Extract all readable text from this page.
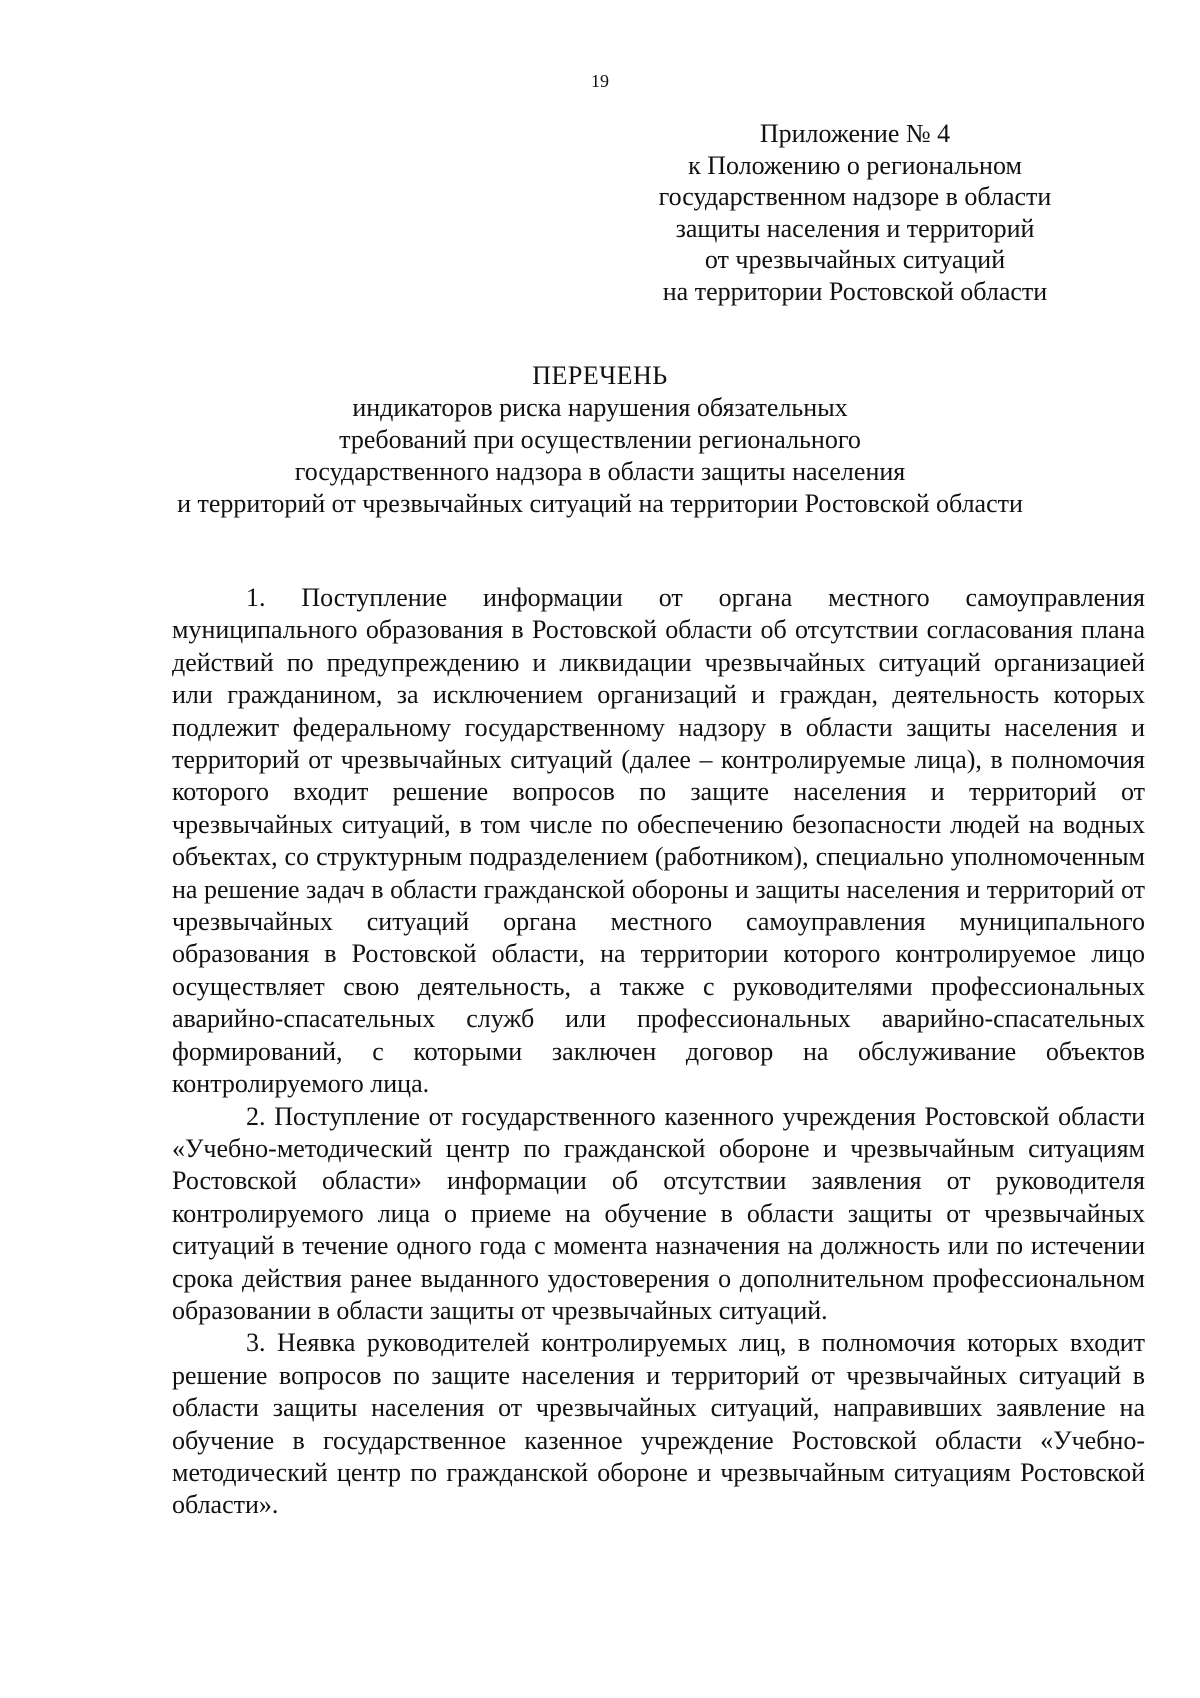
19
Приложение № 4
к Положению о региональном
государственном надзоре в области
защиты населения и территорий
от чрезвычайных ситуаций
на территории Ростовской области
ПЕРЕЧЕНЬ
индикаторов риска нарушения обязательных
требований при осуществлении регионального
государственного надзора в области защиты населения
и территорий от чрезвычайных ситуаций на территории Ростовской области

1. Поступление информации от органа местного самоуправления муниципального образования в Ростовской области об отсутствии согласования плана действий по предупреждению и ликвидации чрезвычайных ситуаций организацией или гражданином, за исключением организаций и граждан, деятельность которых подлежит федеральному государственному надзору в области защиты населения и территорий от чрезвычайных ситуаций (далее – контролируемые лица), в полномочия которого входит решение вопросов по защите населения и территорий от чрезвычайных ситуаций, в том числе по обеспечению безопасности людей на водных объектах, со структурным подразделением (работником), специально уполномоченным на решение задач в области гражданской обороны и защиты населения и территорий от чрезвычайных ситуаций органа местного самоуправления муниципального образования в Ростовской области, на территории которого контролируемое лицо осуществляет свою деятельность, а также с руководителями профессиональных аварийно-спасательных служб или профессиональных аварийно-спасательных формирований, с которыми заключен договор на обслуживание объектов контролируемого лица.

2. Поступление от государственного казенного учреждения Ростовской области «Учебно-методический центр по гражданской обороне и чрезвычайным ситуациям Ростовской области» информации об отсутствии заявления от руководителя контролируемого лица о приеме на обучение в области защиты от чрезвычайных ситуаций в течение одного года с момента назначения на должность или по истечении срока действия ранее выданного удостоверения о дополнительном профессиональном образовании в области защиты от чрезвычайных ситуаций.

3. Неявка руководителей контролируемых лиц, в полномочия которых входит решение вопросов по защите населения и территорий от чрезвычайных ситуаций в области защиты населения от чрезвычайных ситуаций, направивших заявление на обучение в государственное казенное учреждение Ростовской области «Учебно-методический центр по гражданской обороне и чрезвычайным ситуациям Ростовской области».
